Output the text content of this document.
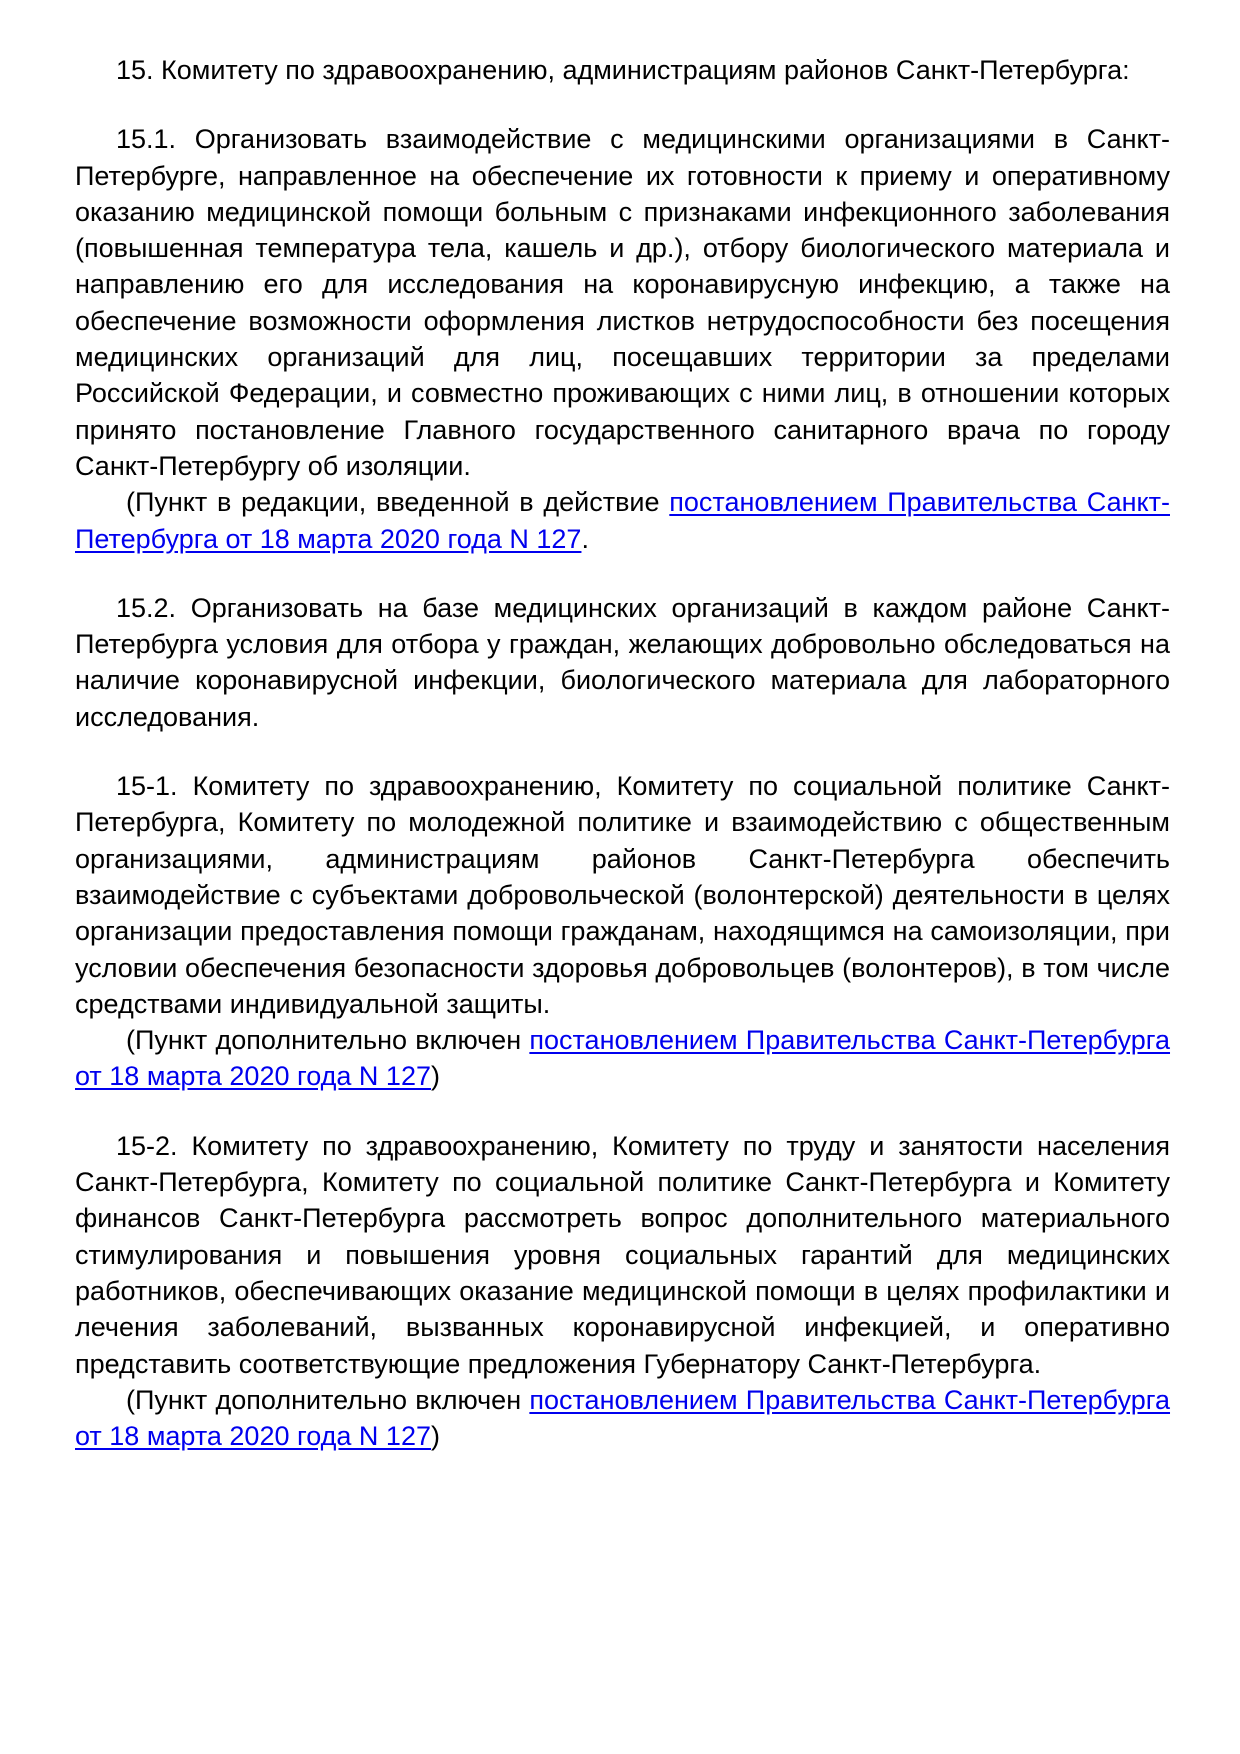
15. Комитету по здравоохранению, администрациям районов Санкт-Петербурга:

15.1. Организовать взаимодействие с медицинскими организациями в Санкт-Петербурге, направленное на обеспечение их готовности к приему и оперативному оказанию медицинской помощи больным с признаками инфекционного заболевания (повышенная температура тела, кашель и др.), отбору биологического материала и направлению его для исследования на коронавирусную инфекцию, а также на обеспечение возможности оформления листков нетрудоспособности без посещения медицинских организаций для лиц, посещавших территории за пределами Российской Федерации, и совместно проживающих с ними лиц, в отношении которых принято постановление Главного государственного санитарного врача по городу Санкт-Петербургу об изоляции.

(Пункт в редакции, введенной в действие постановлением Правительства Санкт-Петербурга от 18 марта 2020 года N 127.

15.2. Организовать на базе медицинских организаций в каждом районе Санкт-Петербурга условия для отбора у граждан, желающих добровольно обследоваться на наличие коронавирусной инфекции, биологического материала для лабораторного исследования.

15-1. Комитету по здравоохранению, Комитету по социальной политике Санкт-Петербурга, Комитету по молодежной политике и взаимодействию с общественным организациями, администрациям районов Санкт-Петербурга обеспечить взаимодействие с субъектами добровольческой (волонтерской) деятельности в целях организации предоставления помощи гражданам, находящимся на самоизоляции, при условии обеспечения безопасности здоровья добровольцев (волонтеров), в том числе средствами индивидуальной защиты.

(Пункт дополнительно включен постановлением Правительства Санкт-Петербурга от 18 марта 2020 года N 127)

15-2. Комитету по здравоохранению, Комитету по труду и занятости населения Санкт-Петербурга, Комитету по социальной политике Санкт-Петербурга и Комитету финансов Санкт-Петербурга рассмотреть вопрос дополнительного материального стимулирования и повышения уровня социальных гарантий для медицинских работников, обеспечивающих оказание медицинской помощи в целях профилактики и лечения заболеваний, вызванных коронавирусной инфекцией, и оперативно представить соответствующие предложения Губернатору Санкт-Петербурга.

(Пункт дополнительно включен постановлением Правительства Санкт-Петербурга от 18 марта 2020 года N 127)
